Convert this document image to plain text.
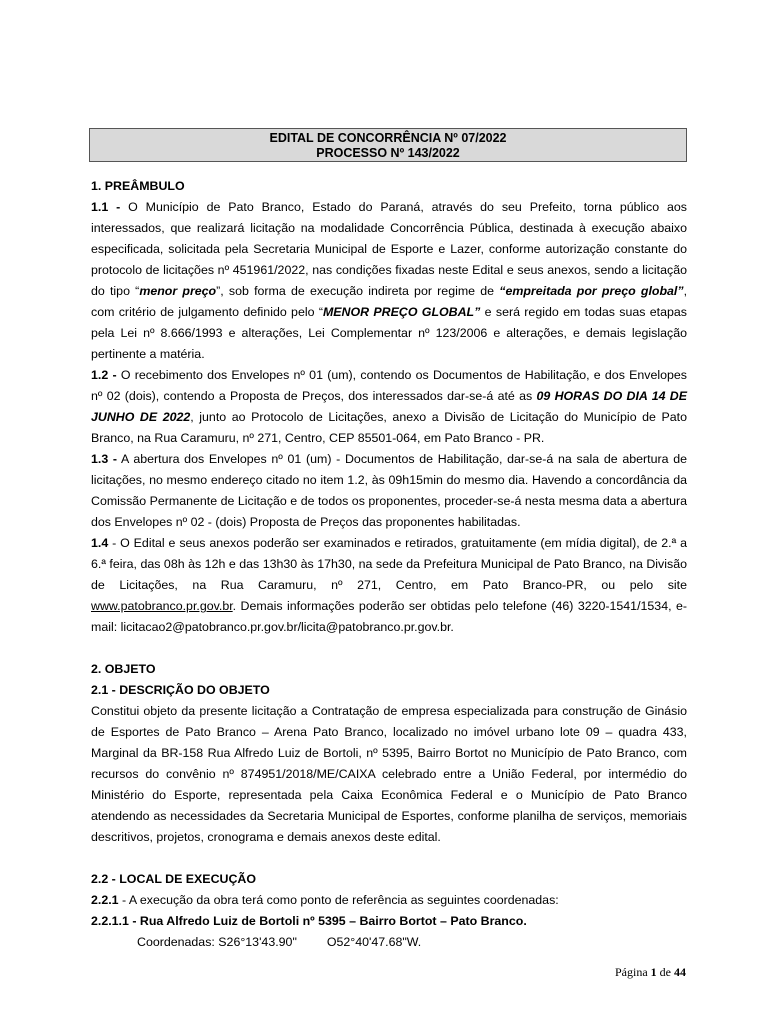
EDITAL DE CONCORRÊNCIA Nº 07/2022
PROCESSO Nº 143/2022

1. PREÂMBULO

1.1 - O Município de Pato Branco, Estado do Paraná, através do seu Prefeito, torna público aos interessados, que realizará licitação na modalidade Concorrência Pública, destinada à execução abaixo especificada, solicitada pela Secretaria Municipal de Esporte e Lazer, conforme autorização constante do protocolo de licitações nº 451961/2022, nas condições fixadas neste Edital e seus anexos, sendo a licitação do tipo “menor preço”, sob forma de execução indireta por regime de “empreitada por preço global”, com critério de julgamento definido pelo “MENOR PREÇO GLOBAL” e será regido em todas suas etapas pela Lei nº 8.666/1993 e alterações, Lei Complementar nº 123/2006 e alterações, e demais legislação pertinente a matéria.

1.2 - O recebimento dos Envelopes nº 01 (um), contendo os Documentos de Habilitação, e dos Envelopes nº 02 (dois), contendo a Proposta de Preços, dos interessados dar-se-á até as 09 HORAS DO DIA 14 DE JUNHO DE 2022, junto ao Protocolo de Licitações, anexo a Divisão de Licitação do Município de Pato Branco, na Rua Caramuru, nº 271, Centro, CEP 85501-064, em Pato Branco - PR.

1.3 - A abertura dos Envelopes nº 01 (um) - Documentos de Habilitação, dar-se-á na sala de abertura de licitações, no mesmo endereço citado no item 1.2, às 09h15min do mesmo dia. Havendo a concordância da Comissão Permanente de Licitação e de todos os proponentes, proceder-se-á nesta mesma data a abertura dos Envelopes nº 02 - (dois) Proposta de Preços das proponentes habilitadas.

1.4 - O Edital e seus anexos poderão ser examinados e retirados, gratuitamente (em mídia digital), de 2.ª a 6.ª feira, das 08h às 12h e das 13h30 às 17h30, na sede da Prefeitura Municipal de Pato Branco, na Divisão de Licitações, na Rua Caramuru, nº 271, Centro, em Pato Branco-PR, ou pelo site www.patobranco.pr.gov.br. Demais informações poderão ser obtidas pelo telefone (46) 3220-1541/1534, e-mail: licitacao2@patobranco.pr.gov.br/licita@patobranco.pr.gov.br.

2. OBJETO

2.1 - DESCRIÇÃO DO OBJETO

Constitui objeto da presente licitação a Contratação de empresa especializada para construção de Ginásio de Esportes de Pato Branco – Arena Pato Branco, localizado no imóvel urbano lote 09 – quadra 433, Marginal da BR-158 Rua Alfredo Luiz de Bortoli, nº 5395, Bairro Bortot no Município de Pato Branco, com recursos do convênio nº 874951/2018/ME/CAIXA celebrado entre a União Federal, por intermédio do Ministério do Esporte, representada pela Caixa Econômica Federal e o Município de Pato Branco atendendo as necessidades da Secretaria Municipal de Esportes, conforme planilha de serviços, memoriais descritivos, projetos, cronograma e demais anexos deste edital.

2.2 - LOCAL DE EXECUÇÃO

2.2.1 - A execução da obra terá como ponto de referência as seguintes coordenadas:

2.2.1.1 - Rua Alfredo Luiz de Bortoli nº 5395 – Bairro Bortot – Pato Branco.

Coordenadas: S26°13'43.90" O52°40'47.68"W.

Página 1 de 44
